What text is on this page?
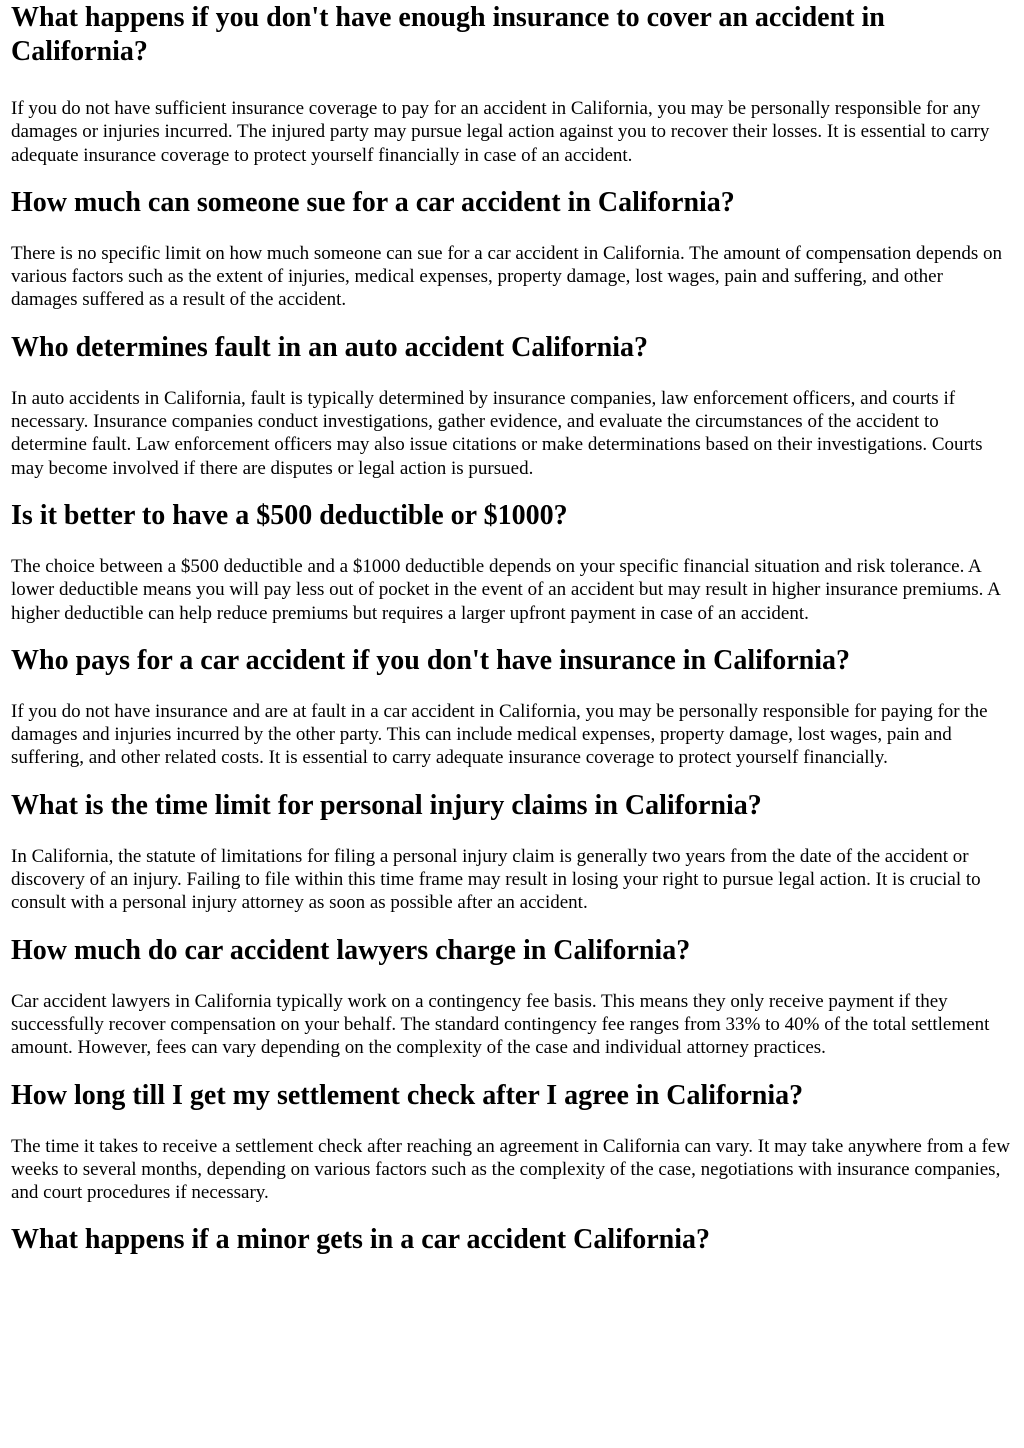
What happens if you don't have enough insurance to cover an accident in California?

If you do not have sufficient insurance coverage to pay for an accident in California, you may be personally responsible for any damages or injuries incurred. The injured party may pursue legal action against you to recover their losses. It is essential to carry adequate insurance coverage to protect yourself financially in case of an accident.

How much can someone sue for a car accident in California?

There is no specific limit on how much someone can sue for a car accident in California. The amount of compensation depends on various factors such as the extent of injuries, medical expenses, property damage, lost wages, pain and suffering, and other damages suffered as a result of the accident.

Who determines fault in an auto accident California?

In auto accidents in California, fault is typically determined by insurance companies, law enforcement officers, and courts if necessary. Insurance companies conduct investigations, gather evidence, and evaluate the circumstances of the accident to determine fault. Law enforcement officers may also issue citations or make determinations based on their investigations. Courts may become involved if there are disputes or legal action is pursued.

Is it better to have a $500 deductible or $1000?

The choice between a $500 deductible and a $1000 deductible depends on your specific financial situation and risk tolerance. A lower deductible means you will pay less out of pocket in the event of an accident but may result in higher insurance premiums. A higher deductible can help reduce premiums but requires a larger upfront payment in case of an accident.

Who pays for a car accident if you don't have insurance in California?

If you do not have insurance and are at fault in a car accident in California, you may be personally responsible for paying for the damages and injuries incurred by the other party. This can include medical expenses, property damage, lost wages, pain and suffering, and other related costs. It is essential to carry adequate insurance coverage to protect yourself financially.

What is the time limit for personal injury claims in California?

In California, the statute of limitations for filing a personal injury claim is generally two years from the date of the accident or discovery of an injury. Failing to file within this time frame may result in losing your right to pursue legal action. It is crucial to consult with a personal injury attorney as soon as possible after an accident.

How much do car accident lawyers charge in California?

Car accident lawyers in California typically work on a contingency fee basis. This means they only receive payment if they successfully recover compensation on your behalf. The standard contingency fee ranges from 33% to 40% of the total settlement amount. However, fees can vary depending on the complexity of the case and individual attorney practices.

How long till I get my settlement check after I agree in California?

The time it takes to receive a settlement check after reaching an agreement in California can vary. It may take anywhere from a few weeks to several months, depending on various factors such as the complexity of the case, negotiations with insurance companies, and court procedures if necessary.

What happens if a minor gets in a car accident California?
